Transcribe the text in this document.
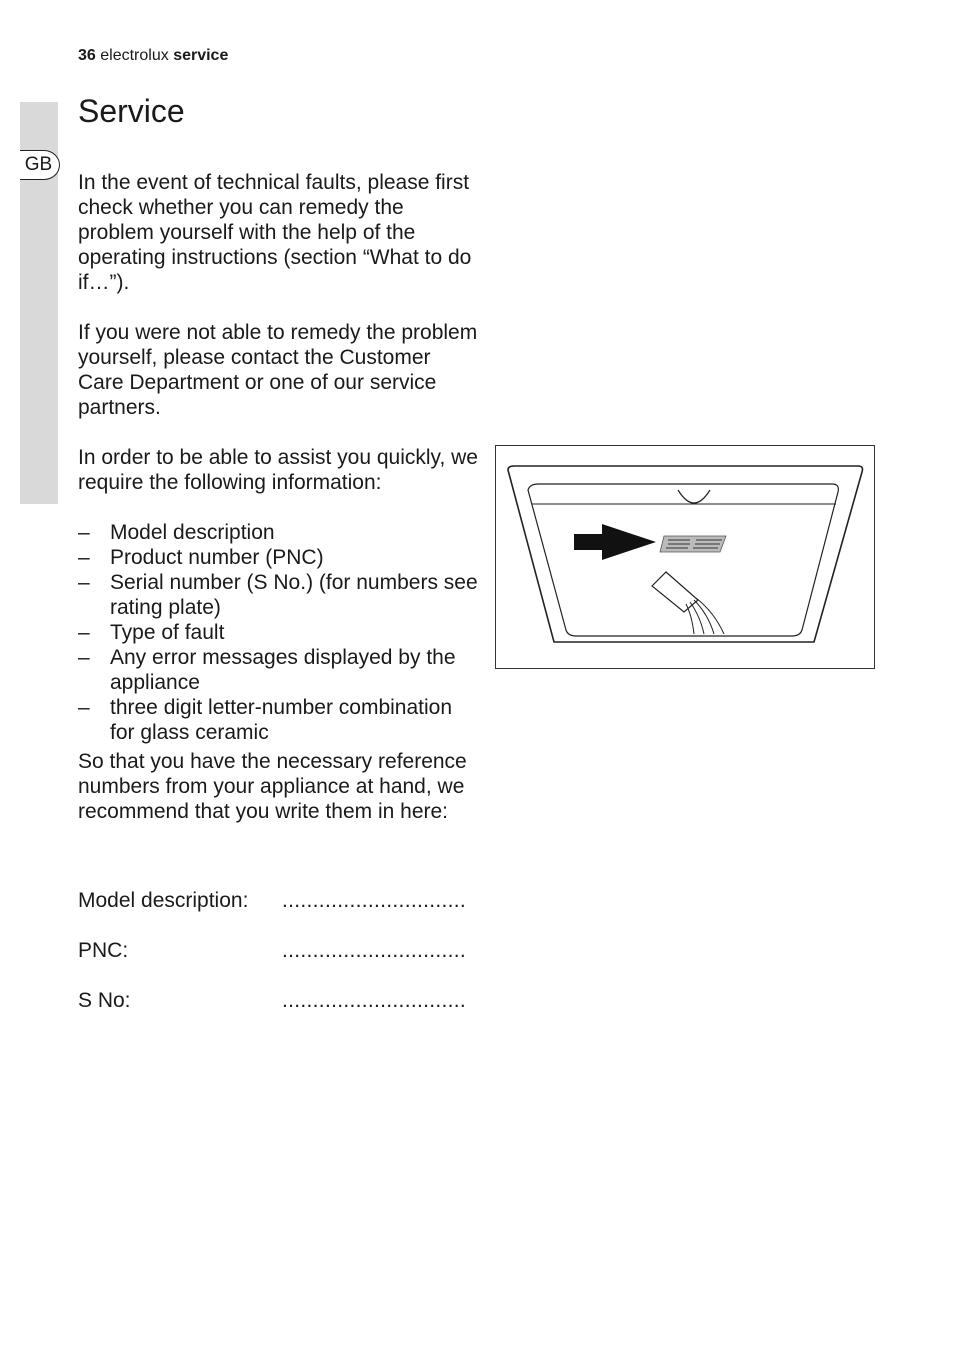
36 electrolux service
GB
Service

In the event of technical faults, please first check whether you can remedy the problem yourself with the help of the operating instructions (section “What to do if…”).

If you were not able to remedy the problem yourself, please contact the Customer Care Department or one of our service partners.

In order to be able to assist you quickly, we require the following information:

– Model description
– Product number (PNC)
– Serial number (S No.) (for numbers see rating plate)
– Type of fault
– Any error messages displayed by the appliance
– three digit letter-number combination for glass ceramic

So that you have the necessary reference numbers from your appliance at hand, we recommend that you write them in here:

Model description: ..............................
PNC:	..............................
S No:	..............................
